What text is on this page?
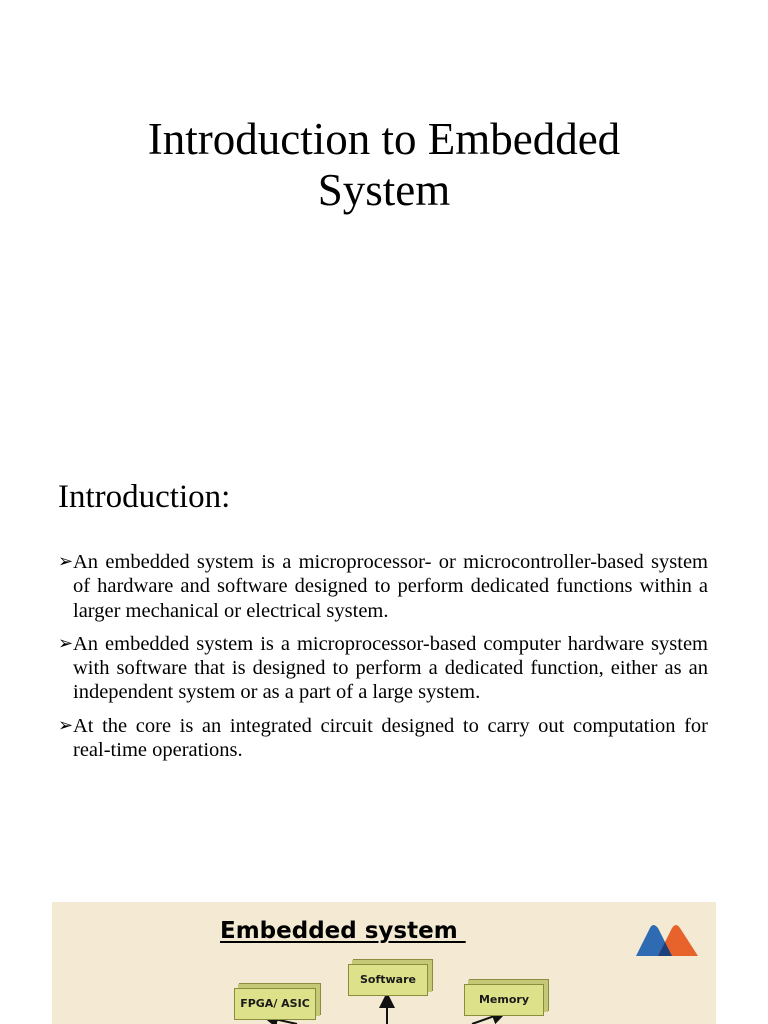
Introduction to Embedded System
Introduction:
➢ An embedded system is a microprocessor- or microcontroller-based system of hardware and software designed to perform dedicated functions within a larger mechanical or electrical system.
➢ An embedded system is a microprocessor-based computer hardware system with software that is designed to perform a dedicated function, either as an independent system or as a part of a large system.
➢ At the core is an integrated circuit designed to carry out computation for real-time operations.
Embedded system
FPGA/ ASIC
Software
Memory
